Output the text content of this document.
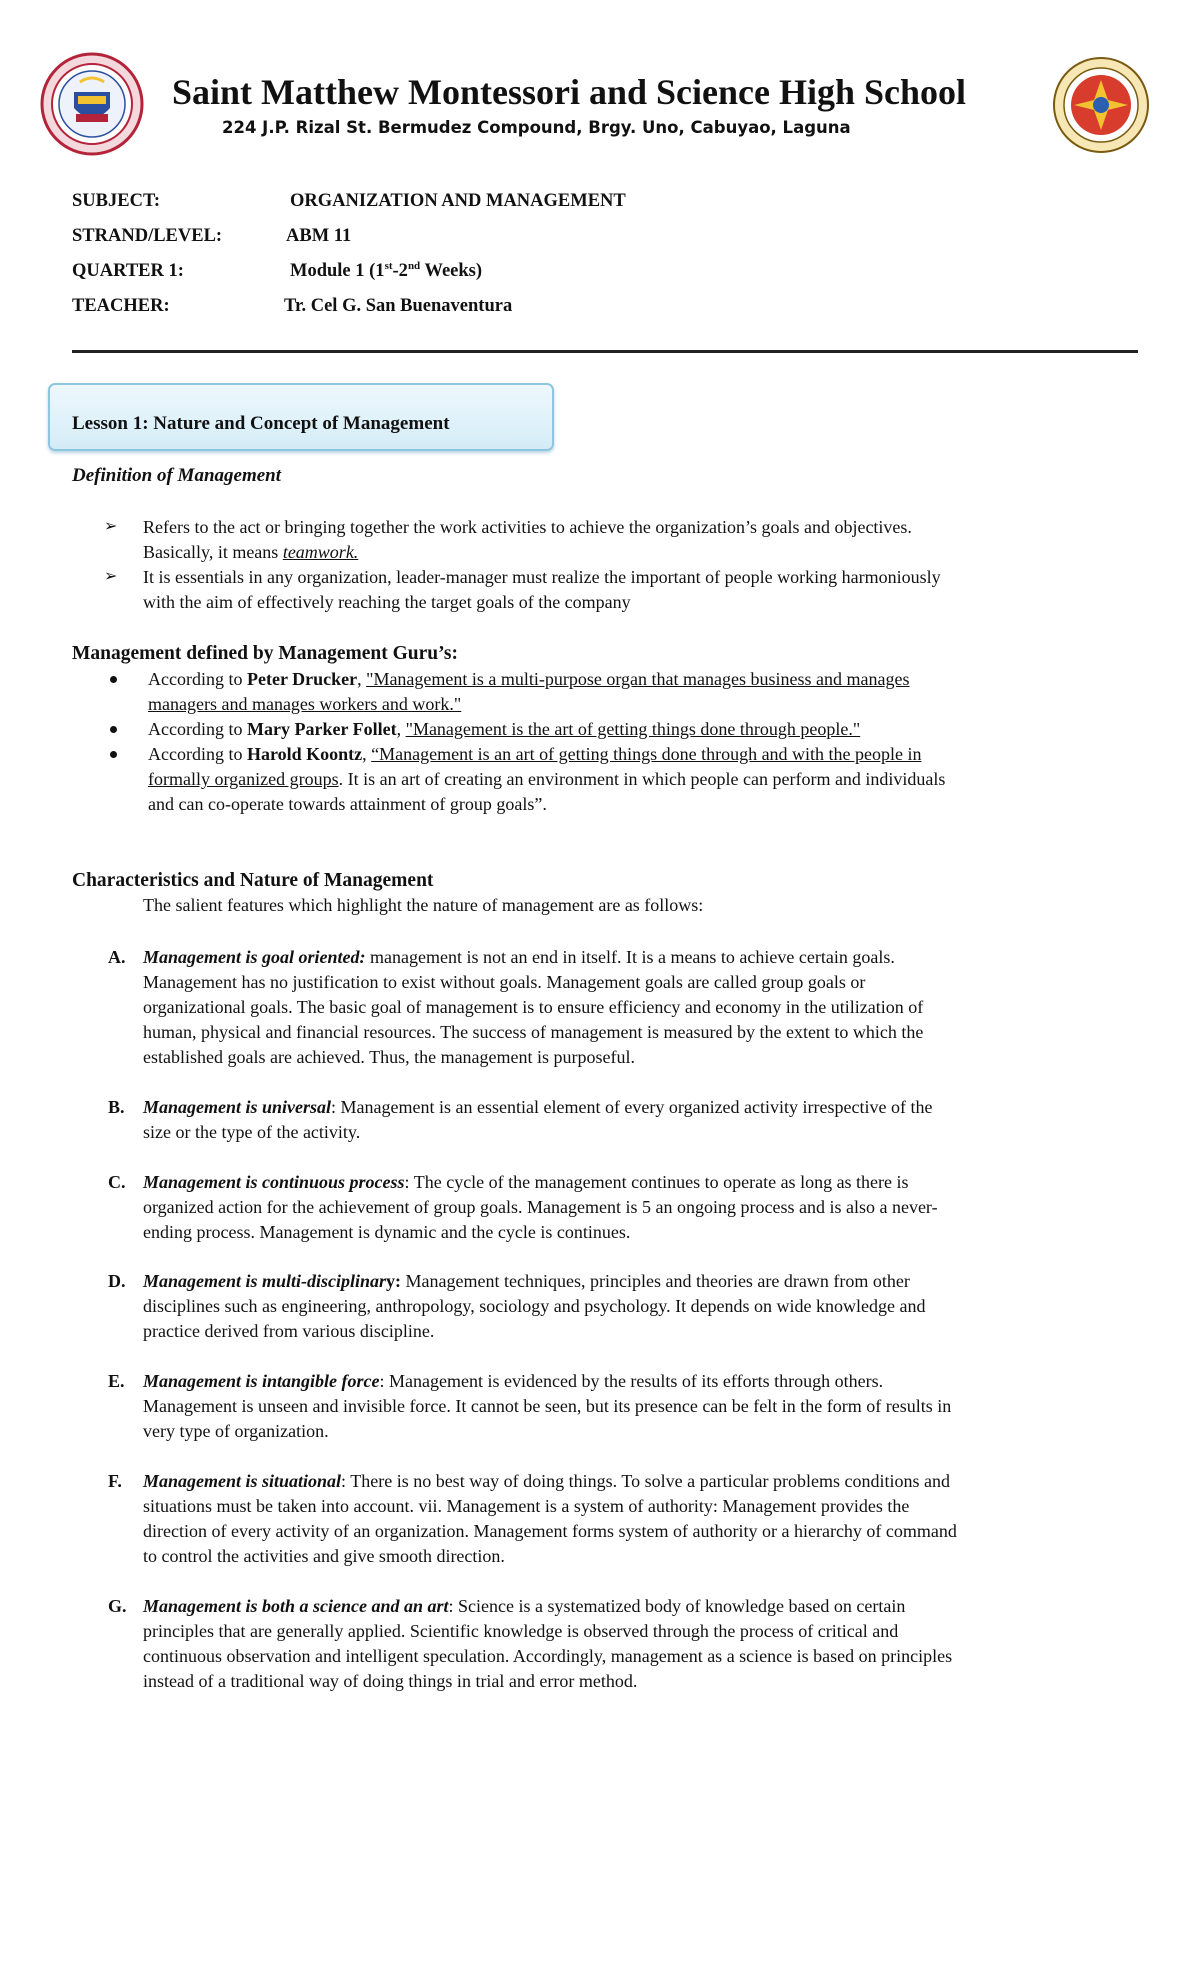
Saint Matthew Montessori and Science High School
224 J.P. Rizal St. Bermudez Compound, Brgy. Uno, Cabuyao, Laguna
SUBJECT:	ORGANIZATION AND MANAGEMENT
STRAND/LEVEL:	ABM 11
QUARTER 1:	Module 1 (1st-2nd Weeks)
TEACHER:	Tr. Cel G. San Buenaventura
Lesson 1: Nature and Concept of Management
Definition of Management
➢ Refers to the act or bringing together the work activities to achieve the organization’s goals and objectives.
Basically, it means teamwork.
➢ It is essentials in any organization, leader-manager must realize the important of people working harmoniously
with the aim of effectively reaching the target goals of the company
Management defined by Management Guru’s:
According to Peter Drucker, "Management is a multi-purpose organ that manages business and manages
managers and manages workers and work."
According to Mary Parker Follet, "Management is the art of getting things done through people."
According to Harold Koontz, “Management is an art of getting things done through and with the people in
formally organized groups. It is an art of creating an environment in which people can perform and individuals
and can co-operate towards attainment of group goals”.
Characteristics and Nature of Management
The salient features which highlight the nature of management are as follows:
A. Management is goal oriented: management is not an end in itself. It is a means to achieve certain goals.
Management has no justification to exist without goals. Management goals are called group goals or
organizational goals. The basic goal of management is to ensure efficiency and economy in the utilization of
human, physical and financial resources. The success of management is measured by the extent to which the
established goals are achieved. Thus, the management is purposeful.
B. Management is universal: Management is an essential element of every organized activity irrespective of the
size or the type of the activity.
C. Management is continuous process: The cycle of the management continues to operate as long as there is
organized action for the achievement of group goals. Management is 5 an ongoing process and is also a never-
ending process. Management is dynamic and the cycle is continues.
D. Management is multi-disciplinary: Management techniques, principles and theories are drawn from other
disciplines such as engineering, anthropology, sociology and psychology. It depends on wide knowledge and
practice derived from various discipline.
E. Management is intangible force: Management is evidenced by the results of its efforts through others.
Management is unseen and invisible force. It cannot be seen, but its presence can be felt in the form of results in
very type of organization.
F. Management is situational: There is no best way of doing things. To solve a particular problems conditions and
situations must be taken into account. vii. Management is a system of authority: Management provides the
direction of every activity of an organization. Management forms system of authority or a hierarchy of command
to control the activities and give smooth direction.
G. Management is both a science and an art: Science is a systematized body of knowledge based on certain
principles that are generally applied. Scientific knowledge is observed through the process of critical and
continuous observation and intelligent speculation. Accordingly, management as a science is based on principles
instead of a traditional way of doing things in trial and error method.
